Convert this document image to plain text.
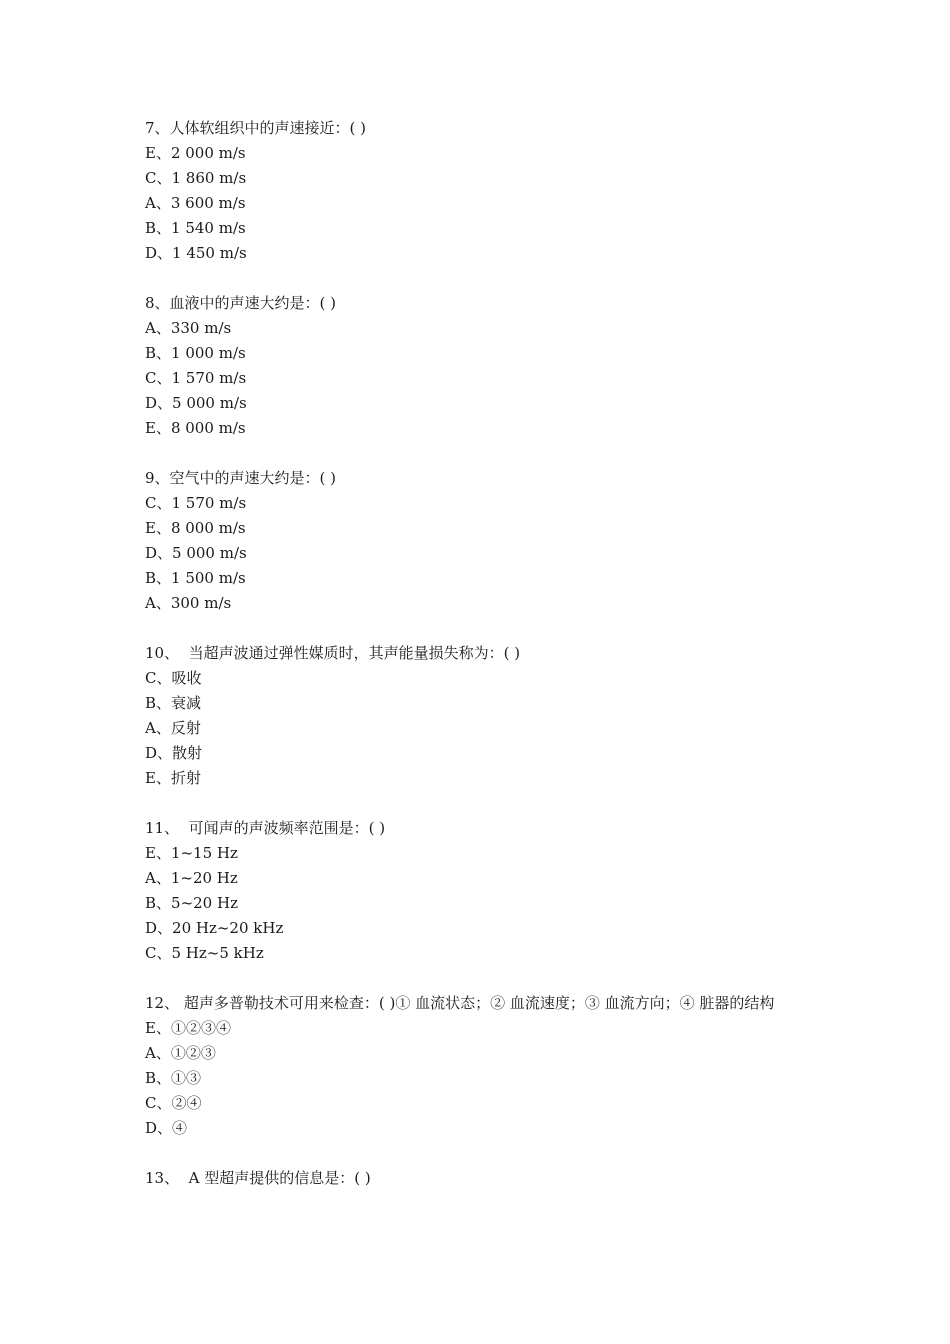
7、人体软组织中的声速接近：( )

E、2 000 m/s

C、1 860 m/s

A、3 600 m/s

B、1 540 m/s

D、1 450 m/s

8、血液中的声速大约是：( )

A、330 m/s

B、1 000 m/s

C、1 570 m/s

D、5 000 m/s

E、8 000 m/s

9、空气中的声速大约是：( )

C、1 570 m/s

E、8 000 m/s

D、5 000 m/s

B、1 500 m/s

A、300 m/s

10、  当超声波通过弹性媒质时，其声能量损失称为：( )

C、吸收

B、衰减

A、反射

D、散射

E、折射

11、  可闻声的声波频率范围是：( )

E、1~15 Hz

A、1~20 Hz

B、5~20 Hz

D、20 Hz~20 kHz

C、5 Hz~5 kHz

12、 超声多普勒技术可用来检查：( )① 血流状态；② 血流速度；③ 血流方向；④ 脏器的结构

E、①②③④

A、①②③

B、①③

C、②④

D、④

13、  A 型超声提供的信息是：( )
